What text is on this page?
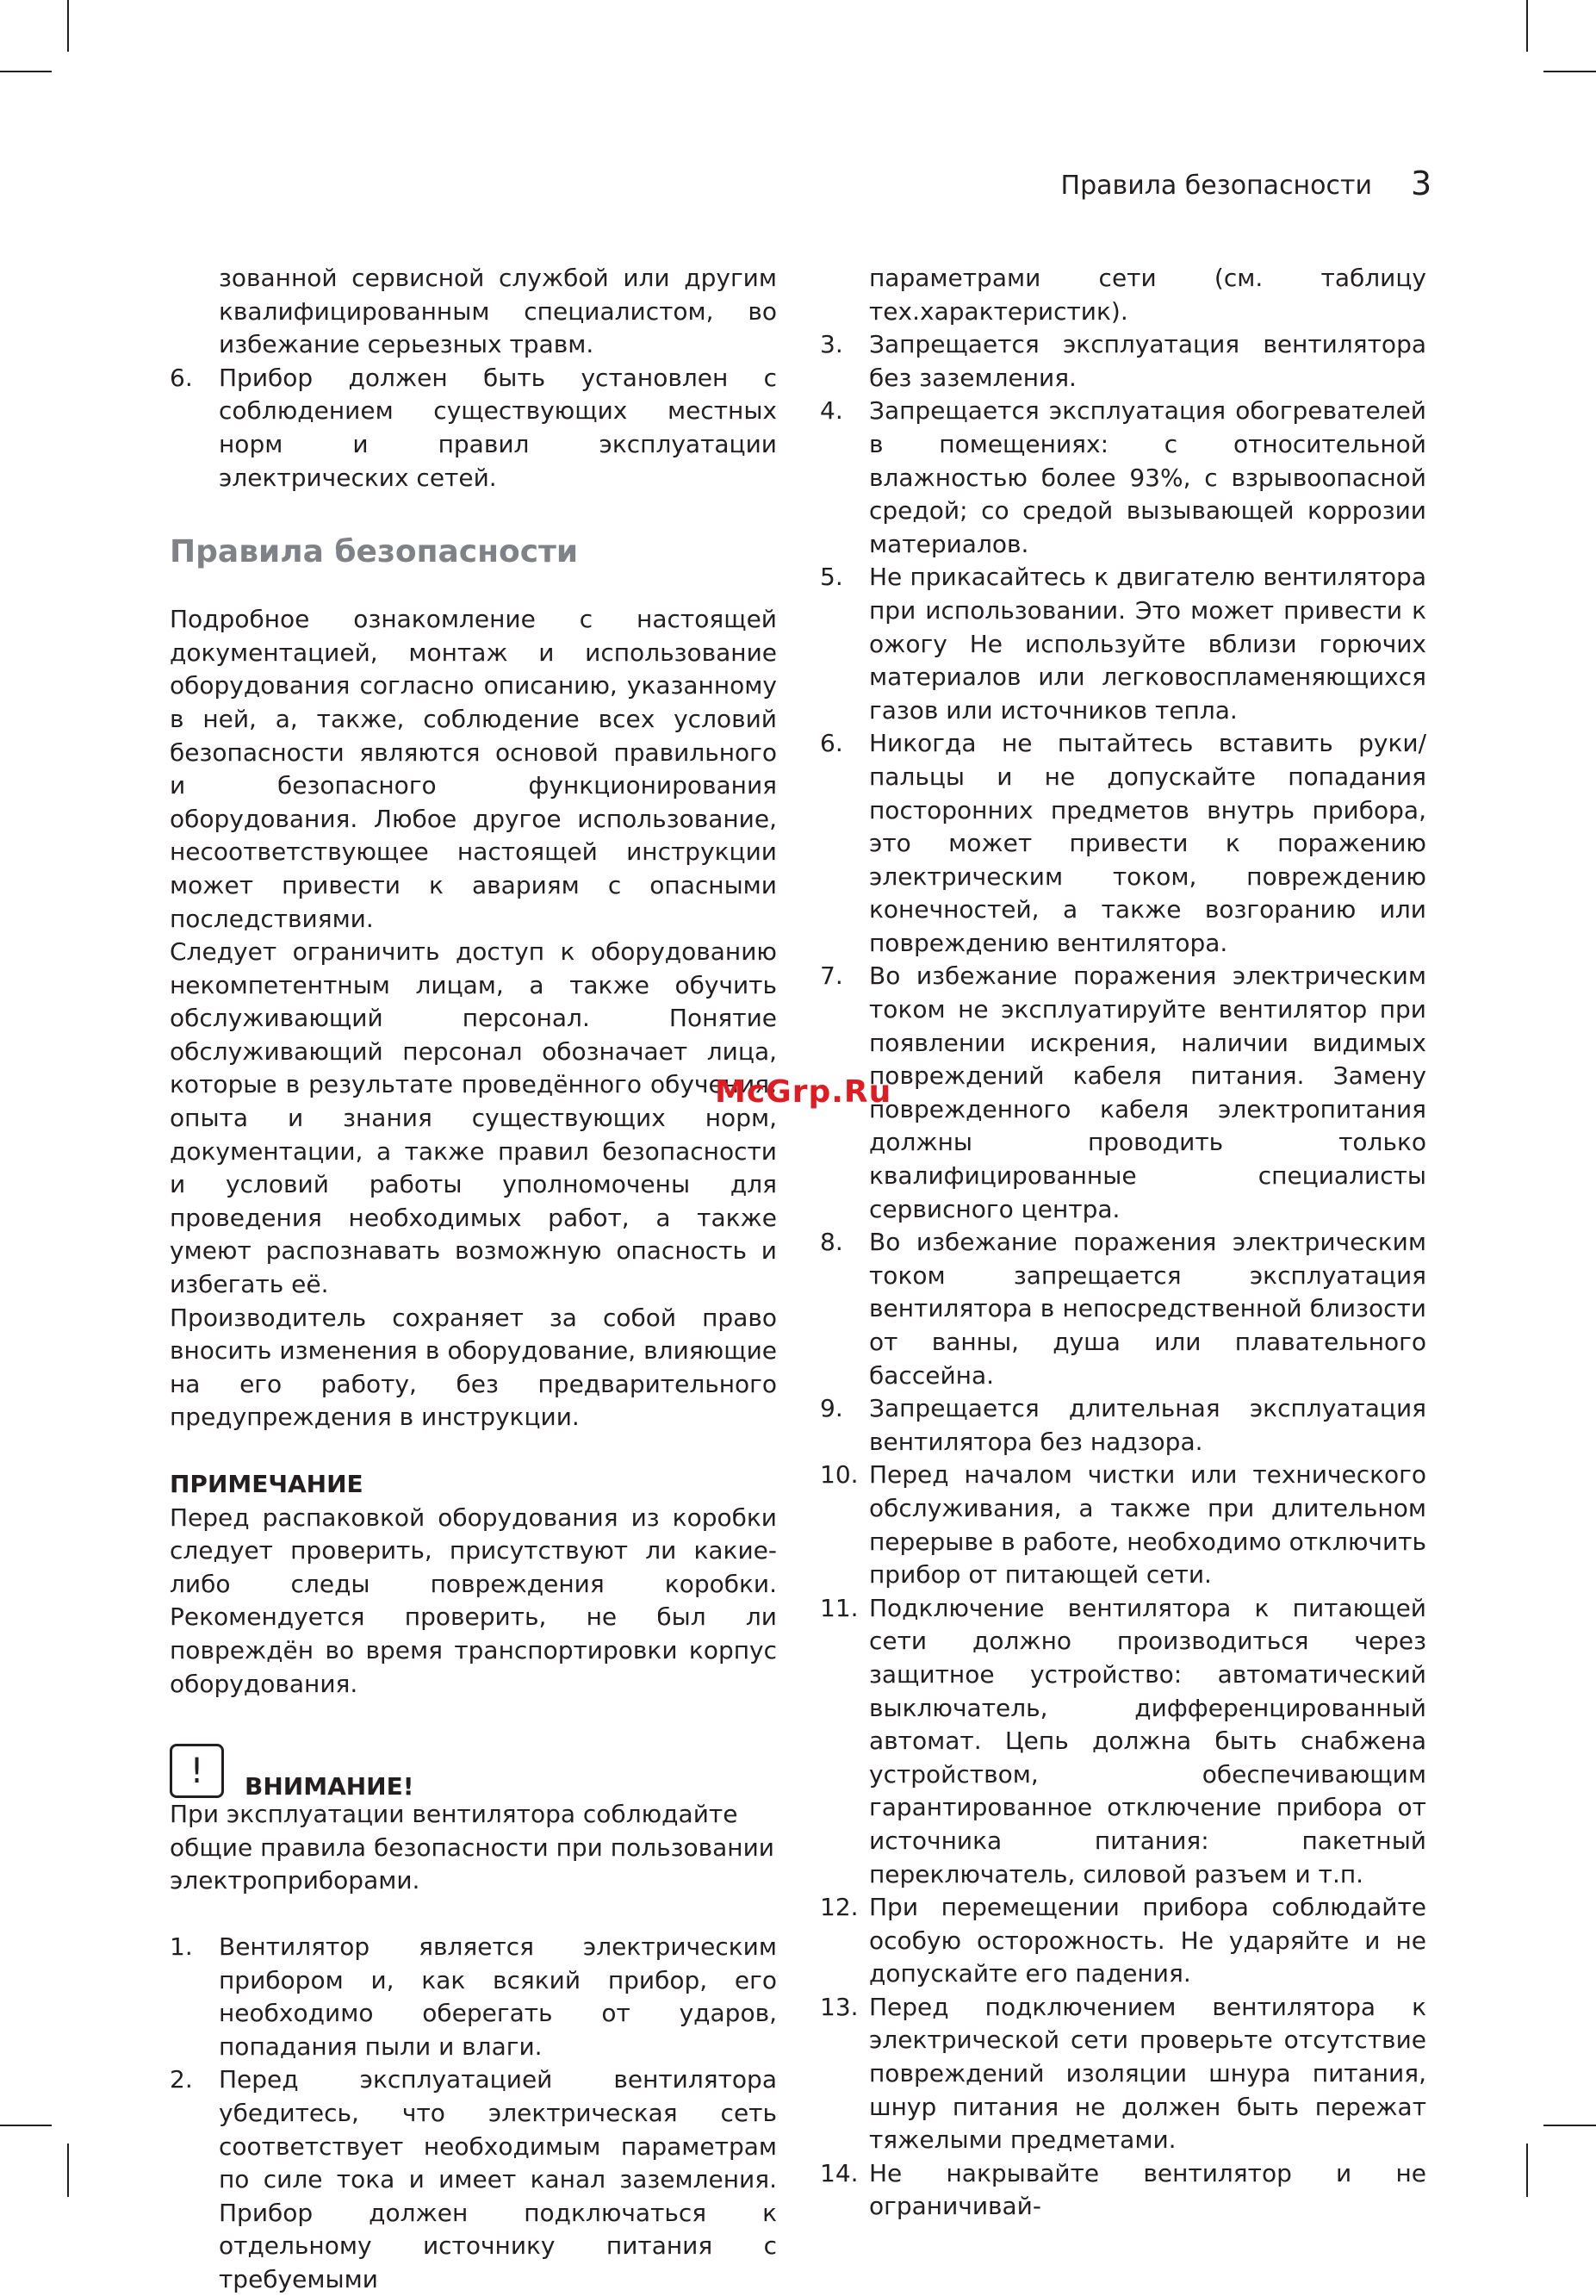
Правила безопасности 3

зованной сервисной службой или другим квалифицированным специалистом, во избежание серьезных травм.

6.	Прибор должен быть установлен с соблюдением существующих местных норм и правил эксплуатации электрических сетей.
Правила безопасности

Подробное ознакомление с настоящей документацией, монтаж и использование оборудования согласно описанию, указанному в ней, а, также, соблюдение всех условий безопасности являются основой правильного и безопасного функционирования оборудования. Любое другое использование, несоответствующее настоящей инструкции может привести к авариям с опасными последствиями.

Следует ограничить доступ к оборудованию некомпетентным лицам, а также обучить обслуживающий персонал. Понятие обслуживающий персонал обозначает лица, которые в результате проведённого обучения, опыта и знания существующих норм, документации, а также правил безопасности и условий работы уполномочены для проведения необходимых работ, а также умеют распознавать возможную опасность и избегать её.

Производитель сохраняет за собой право вносить изменения в оборудование, влияющие на его работу, без предварительного предупреждения в инструкции.

ПРИМЕЧАНИЕ

Перед распаковкой оборудования из коробки следует проверить, присутствуют ли какие-либо следы повреждения коробки. Рекомендуется проверить, не был ли повреждён во время транспортировки корпус оборудования.

! ВНИМАНИЕ!

При эксплуатации вентилятора соблюдайте общие правила безопасности при пользовании электроприборами.

1.	Вентилятор является электрическим прибором и, как всякий прибор, его необходимо оберегать от ударов, попадания пыли и влаги.
2.	Перед эксплуатацией вентилятора убедитесь, что электрическая сеть соответствует необходимым параметрам по силе тока и имеет канал заземления. Прибор должен подключаться к отдельному источнику питания с требуемыми

параметрами сети (см. таблицу тех.характеристик).

3.	Запрещается эксплуатация вентилятора без заземления.
4.	Запрещается эксплуатация обогревателей в помещениях: с относительной влажностью более 93%, с взрывоопасной средой; со средой вызывающей коррозии материалов.
5.	Не прикасайтесь к двигателю вентилятора при использовании. Это может привести к ожогу Не используйте вблизи горючих материалов или легковоспламеняющихся газов или источников тепла.
6.	Никогда не пытайтесь вставить руки/пальцы и не допускайте попадания посторонних предметов внутрь прибора, это может привести к поражению электрическим током, повреждению конечностей, а также возгоранию или повреждению вентилятора.
7.	Во избежание поражения электрическим током не эксплуатируйте вентилятор при появлении искрения, наличии видимых повреждений кабеля питания. Замену поврежденного кабеля электропитания должны проводить только квалифицированные специалисты сервисного центра.
8.	Во избежание поражения электрическим током запрещается эксплуатация вентилятора в непосредственной близости от ванны, душа или плавательного бассейна.
9.	Запрещается длительная эксплуатация вентилятора без надзора.
10. Перед началом чистки или технического обслуживания, а также при длительном перерыве в работе, необходимо отключить прибор от питающей сети.
11. Подключение вентилятора к питающей сети должно производиться через защитное устройство: автоматический выключатель, дифференцированный автомат. Цепь должна быть снабжена устройством, обеспечивающим гарантированное отключение прибора от источника питания: пакетный переключатель, силовой разъем и т.п.
12. При перемещении прибора соблюдайте особую осторожность. Не ударяйте и не допускайте его падения.
13. Перед подключением вентилятора к электрической сети проверьте отсутствие повреждений изоляции шнура питания, шнур питания не должен быть пережат тяжелыми предметами.
14. Не накрывайте вентилятор и не ограничивай-
McGrp.Ru
